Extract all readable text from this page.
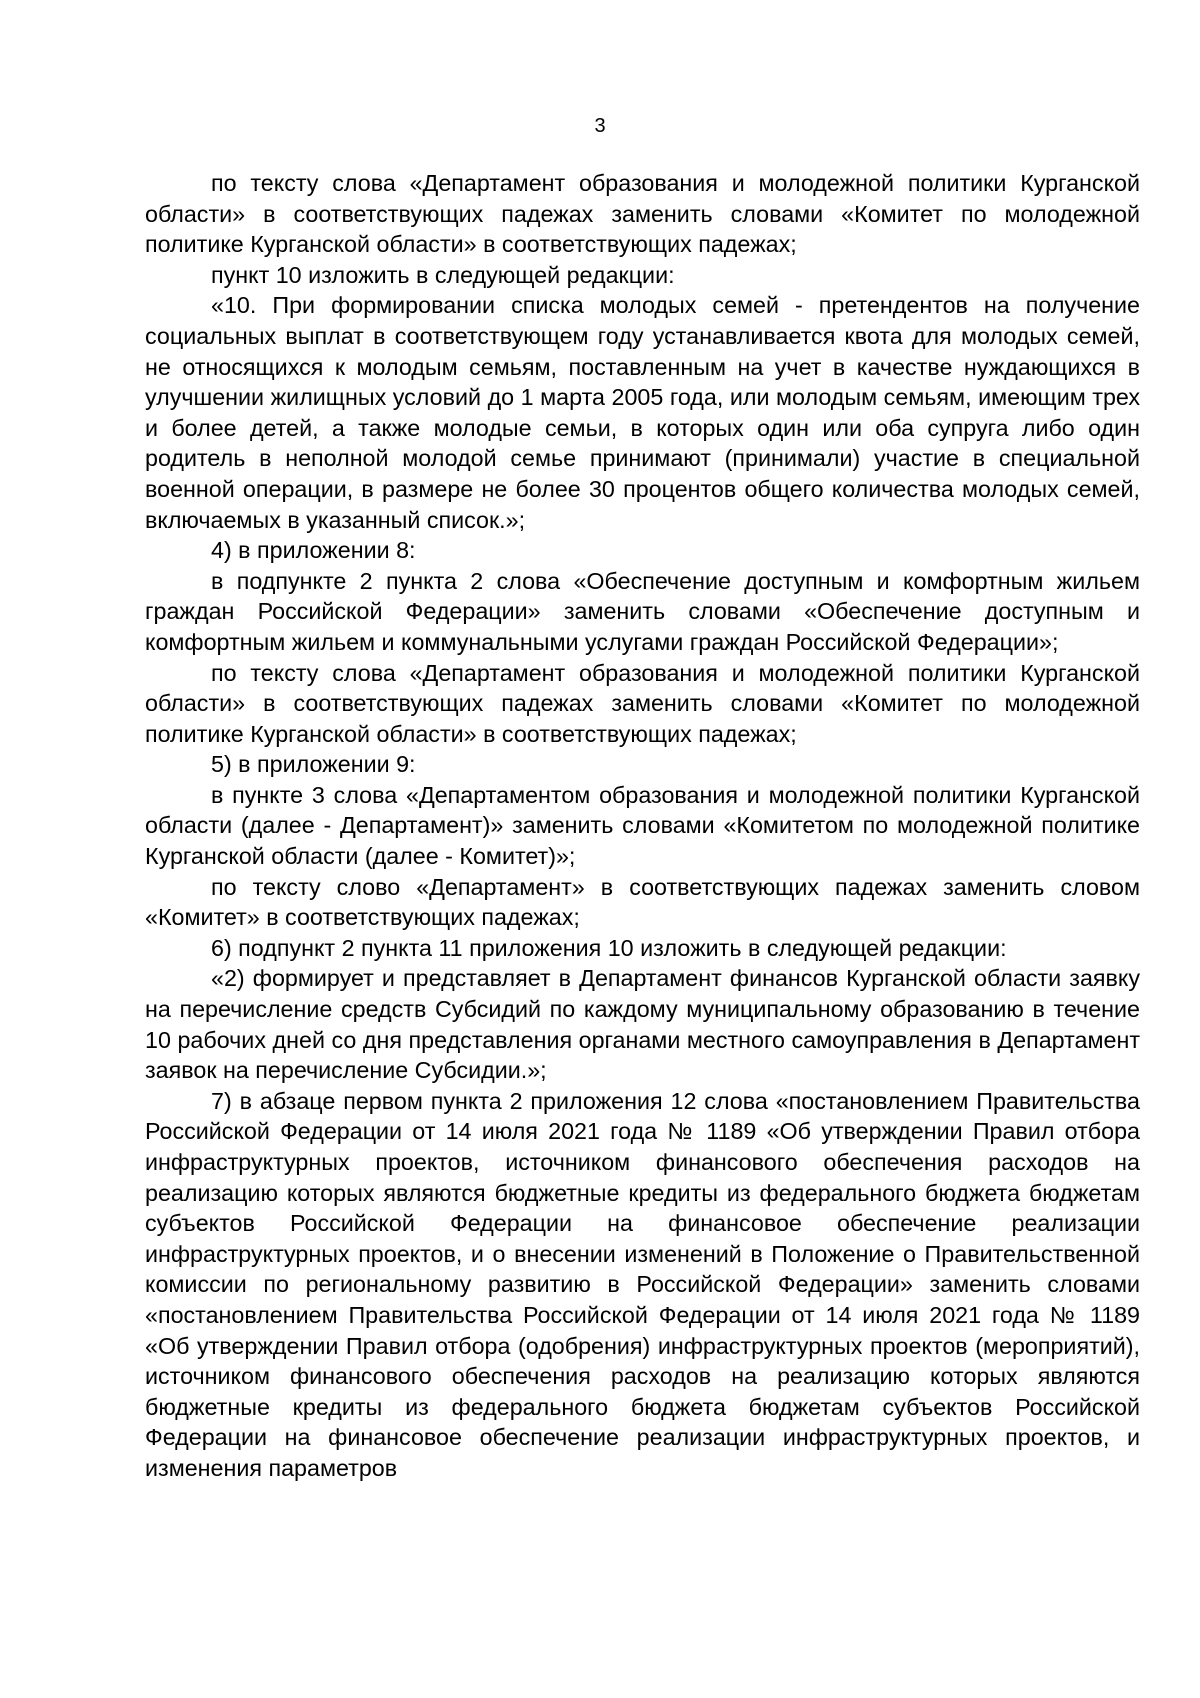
3

по тексту слова «Департамент образования и молодежной политики Курганской области» в соответствующих падежах заменить словами «Комитет по молодежной политике Курганской области» в соответствующих падежах;

пункт 10 изложить в следующей редакции:

«10. При формировании списка молодых семей - претендентов на получение социальных выплат в соответствующем году устанавливается квота для молодых семей, не относящихся к молодым семьям, поставленным на учет в качестве нуждающихся в улучшении жилищных условий до 1 марта 2005 года, или молодым семьям, имеющим трех и более детей, а также молодые семьи, в которых один или оба супруга либо один родитель в неполной молодой семье принимают (принимали) участие в специальной военной операции, в размере не более 30 процентов общего количества молодых семей, включаемых в указанный список.»;

4) в приложении 8:

в подпункте 2 пункта 2 слова «Обеспечение доступным и комфортным жильем граждан Российской Федерации» заменить словами «Обеспечение доступным и комфортным жильем и коммунальными услугами граждан Российской Федерации»;

по тексту слова «Департамент образования и молодежной политики Курганской области» в соответствующих падежах заменить словами «Комитет по молодежной политике Курганской области» в соответствующих падежах;

5) в приложении 9:

в пункте 3 слова «Департаментом образования и молодежной политики Курганской области (далее - Департамент)» заменить словами «Комитетом по молодежной политике Курганской области (далее - Комитет)»;

по тексту слово «Департамент» в соответствующих падежах заменить словом «Комитет» в соответствующих падежах;

6) подпункт 2 пункта 11 приложения 10 изложить в следующей редакции:

«2) формирует и представляет в Департамент финансов Курганской области заявку на перечисление средств Субсидий по каждому муниципальному образованию в течение 10 рабочих дней со дня представления органами местного самоуправления в Департамент заявок на перечисление Субсидии.»;

7) в абзаце первом пункта 2 приложения 12 слова «постановлением Правительства Российской Федерации от 14 июля 2021 года № 1189 «Об утверждении Правил отбора инфраструктурных проектов, источником финансового обеспечения расходов на реализацию которых являются бюджетные кредиты из федерального бюджета бюджетам субъектов Российской Федерации на финансовое обеспечение реализации инфраструктурных проектов, и о внесении изменений в Положение о Правительственной комиссии по региональному развитию в Российской Федерации» заменить словами «постановлением Правительства Российской Федерации от 14 июля 2021 года № 1189 «Об утверждении Правил отбора (одобрения) инфраструктурных проектов (мероприятий), источником финансового обеспечения расходов на реализацию которых являются бюджетные кредиты из федерального бюджета бюджетам субъектов Российской Федерации на финансовое обеспечение реализации инфраструктурных проектов, и изменения параметров
